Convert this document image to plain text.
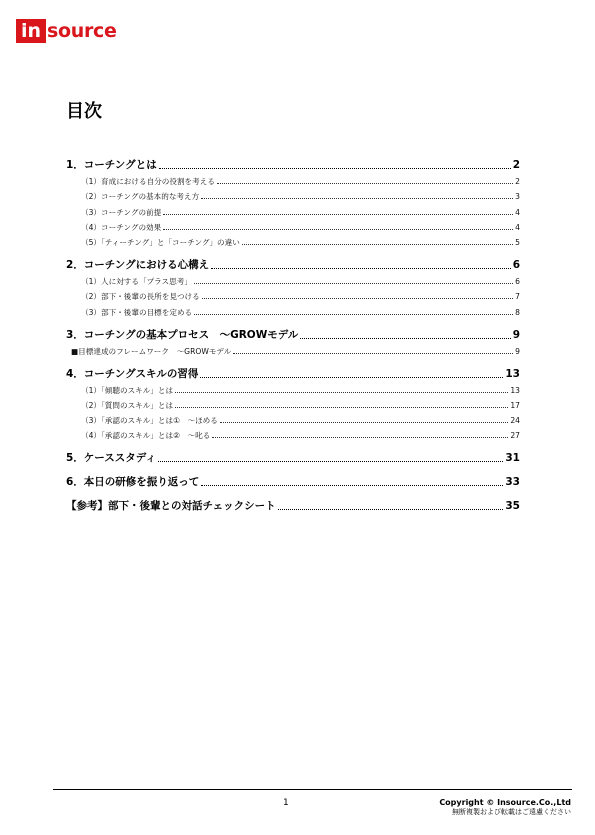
in source
目次
1．コーチングとは	2
（1）育成における自分の役割を考える	2
（2）コーチングの基本的な考え方	3
（3）コーチングの前提	4
（4）コーチングの効果	4
（5）「ティーチング」と「コーチング」の違い	5
2．コーチングにおける心構え	6
（1）人に対する「プラス思考」	6
（2）部下・後輩の長所を見つける	7
（3）部下・後輩の目標を定める	8
3．コーチングの基本プロセス　～GROWモデル	9
■目標達成のフレームワーク　～GROWモデル	9
4．コーチングスキルの習得	13
（1）「傾聴のスキル」とは	13
（2）「質問のスキル」とは	17
（3）「承認のスキル」とは①　～ほめる	24
（4）「承認のスキル」とは②　～叱る	27
5．ケーススタディ	31
6．本日の研修を振り返って	33
【参考】部下・後輩との対話チェックシート	35
1	Copyright © Insource.Co.,Ltd
無断複製および転載はご遠慮ください
